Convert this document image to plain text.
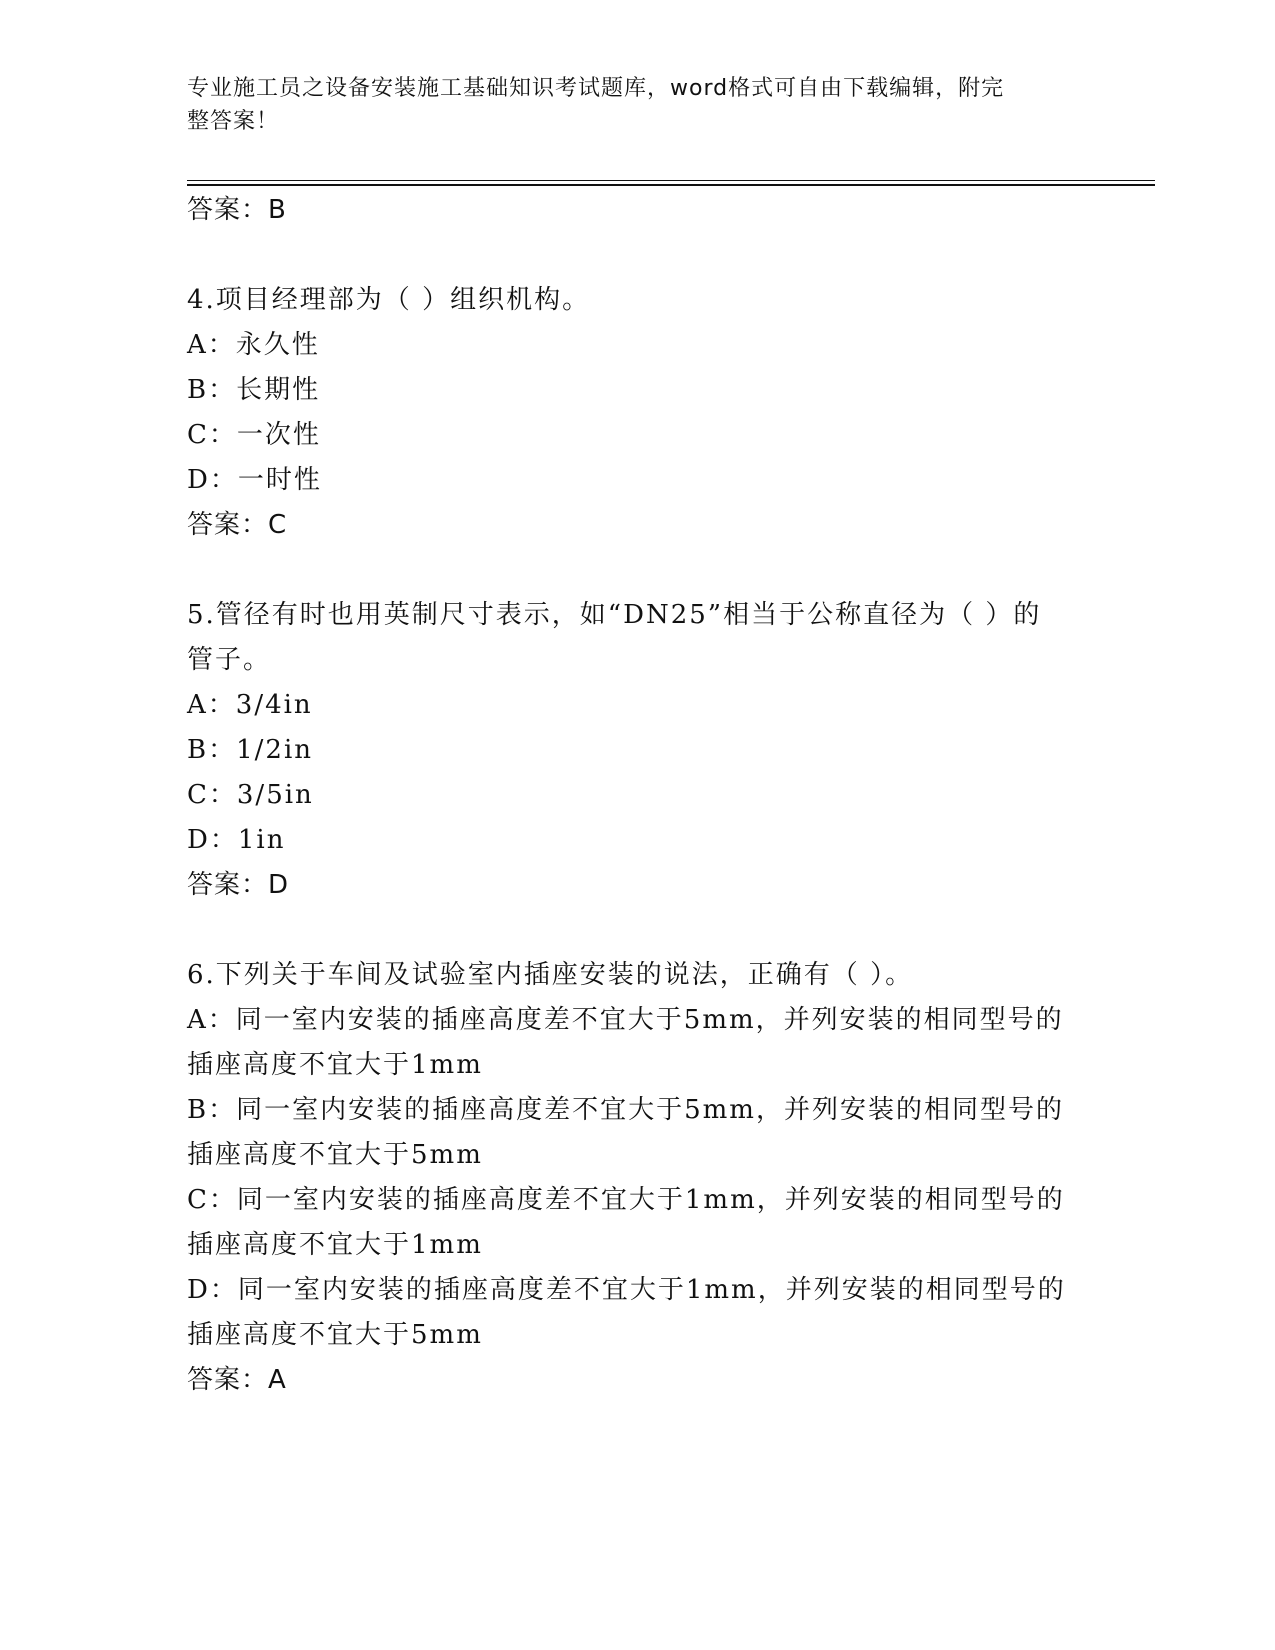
专业施工员之设备安装施工基础知识考试题库，word格式可自由下载编辑，附完
整答案！
答案：B
4.项目经理部为（ ）组织机构。
A：永久性
B：长期性
C：一次性
D：一时性
答案：C
5.管径有时也用英制尺寸表示，如“DN25”相当于公称直径为（ ）的
管子。
A：3/4in
B：1/2in
C：3/5in
D：1in
答案：D
6.下列关于车间及试验室内插座安装的说法，正确有（ ）。
A：同一室内安装的插座高度差不宜大于5mm，并列安装的相同型号的
插座高度不宜大于1mm
B：同一室内安装的插座高度差不宜大于5mm，并列安装的相同型号的
插座高度不宜大于5mm
C：同一室内安装的插座高度差不宜大于1mm，并列安装的相同型号的
插座高度不宜大于1mm
D：同一室内安装的插座高度差不宜大于1mm，并列安装的相同型号的
插座高度不宜大于5mm
答案：A
